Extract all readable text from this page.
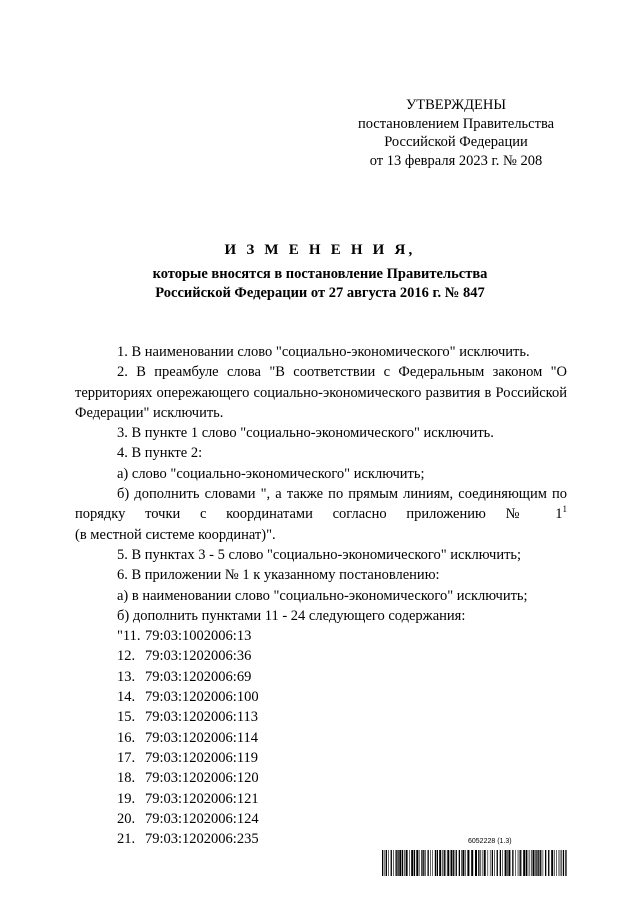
УТВЕРЖДЕНЫ
постановлением Правительства
Российской Федерации
от 13 февраля 2023 г. № 208
И З М Е Н Е Н И Я,
которые вносятся в постановление Правительства
Российской Федерации от 27 августа 2016 г. № 847
1. В наименовании слово "социально-экономического" исключить.
2. В преамбуле слова "В соответствии с Федеральным законом "О территориях опережающего социально-экономического развития в Российской Федерации" исключить.
3. В пункте 1 слово "социально-экономического" исключить.
4. В пункте 2:
а) слово "социально-экономического" исключить;
б) дополнить словами ", а также по прямым линиям, соединяющим по порядку точки с координатами согласно приложению № $1^1$
(в местной системе координат)".
5. В пунктах 3 - 5 слово "социально-экономического" исключить;
6. В приложении № 1 к указанному постановлению:
а) в наименовании слово "социально-экономического" исключить;
б) дополнить пунктами 11 - 24 следующего содержания:
"11. 79:03:1002006:13
12. 79:03:1202006:36
13. 79:03:1202006:69
14. 79:03:1202006:100
15. 79:03:1202006:113
16. 79:03:1202006:114
17. 79:03:1202006:119
18. 79:03:1202006:120
19. 79:03:1202006:121
20. 79:03:1202006:124
21. 79:03:1202006:235	6052228 (1.3)
